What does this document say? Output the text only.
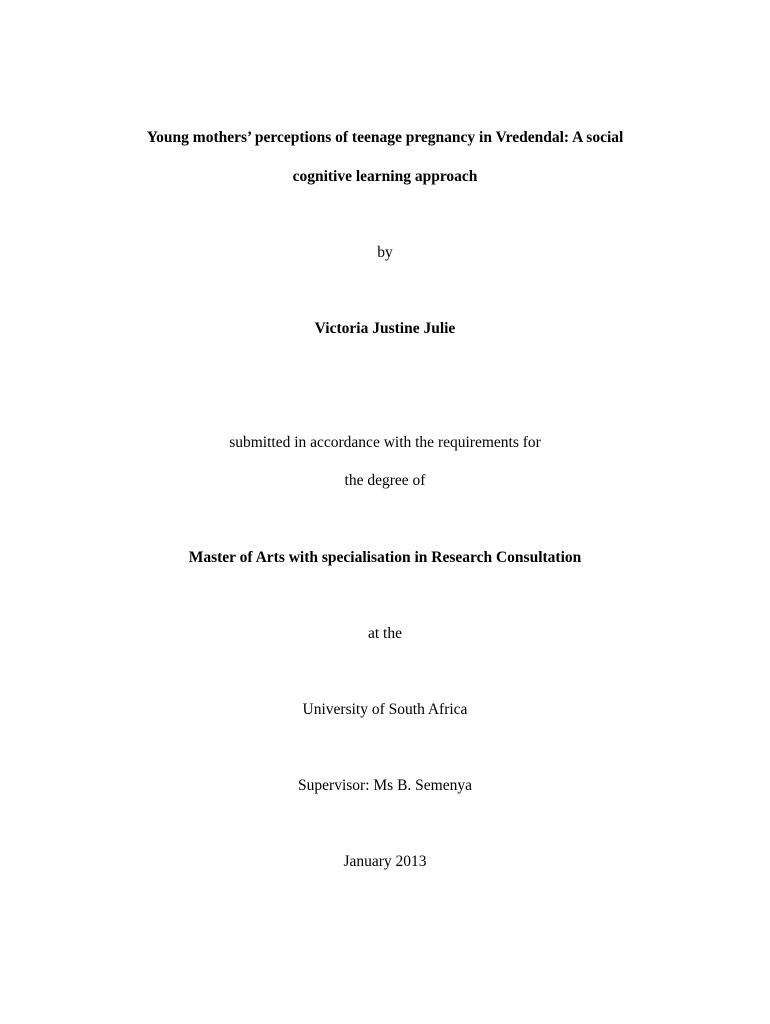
Young mothers’ perceptions of teenage pregnancy in Vredendal: A social
cognitive learning approach
by
Victoria Justine Julie
submitted in accordance with the requirements for
the degree of
Master of Arts with specialisation in Research Consultation
at the
University of South Africa
Supervisor: Ms B. Semenya
January 2013
